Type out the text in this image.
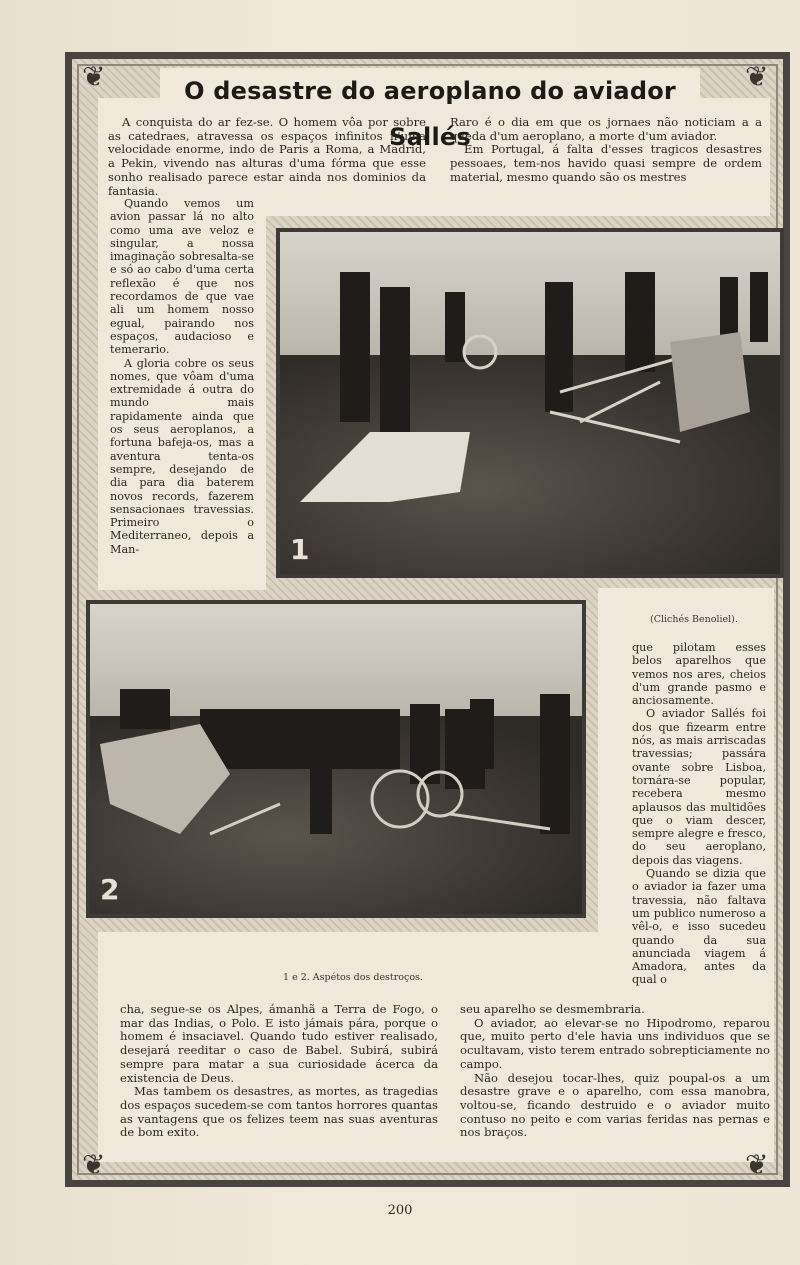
❦	❦
❦	❦
O desastre do aeroplano do aviador Sallés

A conquista do ar fez-se. O homem vôa por sobre as catedraes, atravessa os espaços infinitos n'uma velocidade enorme, indo de Paris a Roma, a Madrid, a Pekin, vivendo nas alturas d'uma fórma que esse sonho realisado parece estar ainda nos dominios da fantasia.

Raro é o dia em que os jornaes não noticiam a a queda d'um aeroplano, a morte d'um aviador.

Em Portugal, á falta d'esses tragicos desastres pessoaes, tem-nos havido quasi sempre de ordem material, mesmo quando são os mestres

Quando vemos um avion passar lá no alto como uma ave veloz e singular, a nossa imaginação sobresalta-se e só ao cabo d'uma certa reflexão é que nos recordamos de que vae ali um homem nosso egual, pairando nos espaços, audacioso e temerario.

A gloria cobre os seus nomes, que vôam d'uma extremidade á outra do mundo mais rapidamente ainda que os seus aeroplanos, a fortuna bafeja-os, mas a aventura tenta-os sempre, desejando de dia para dia baterem novos records, fazerem sensacionaes travessias. Primeiro o Mediterraneo, depois a Man-	1
2
(Clichés Benoliel).

que pilotam esses belos aparelhos que vemos nos ares, cheios d'um grande pasmo e anciosamente.

O aviador Sallés foi dos que fizearm entre nós, as mais arriscadas travessias; passára ovante sobre Lisboa, tornára-se popular, recebera mesmo aplausos das multidões que o viam descer, sempre alegre e fresco, do seu aeroplano, depois das viagens.

Quando se dizia que o aviador ia fazer uma travessia, não faltava um publico numeroso a vêl-o, e isso sucedeu quando da sua anunciada viagem á Amadora, antes da qual o

1 e 2. Aspétos dos destroços.

cha, segue-se os Alpes, ámanhã a Terra de Fogo, o mar das Indias, o Polo. E isto jámais pára, porque o homem é insaciavel. Quando tudo estiver realisado, desejará reeditar o caso de Babel. Subirá, subirá sempre para matar a sua curiosidade ácerca da existencia de Deus.

Mas tambem os desastres, as mortes, as tragedias dos espaços sucedem-se com tantos horrores quantas as vantagens que os felizes teem nas suas aventuras de bom exito.

seu aparelho se desmembraria.

O aviador, ao elevar-se no Hipodromo, reparou que, muito perto d'ele havia uns individuos que se ocultavam, visto terem entrado sobrepticiamente no campo.

Não desejou tocar-lhes, quiz poupal-os a um desastre grave e o aparelho, com essa manobra, voltou-se, ficando destruido e o aviador muito contuso no peito e com varias feridas nas pernas e nos braços.

200
